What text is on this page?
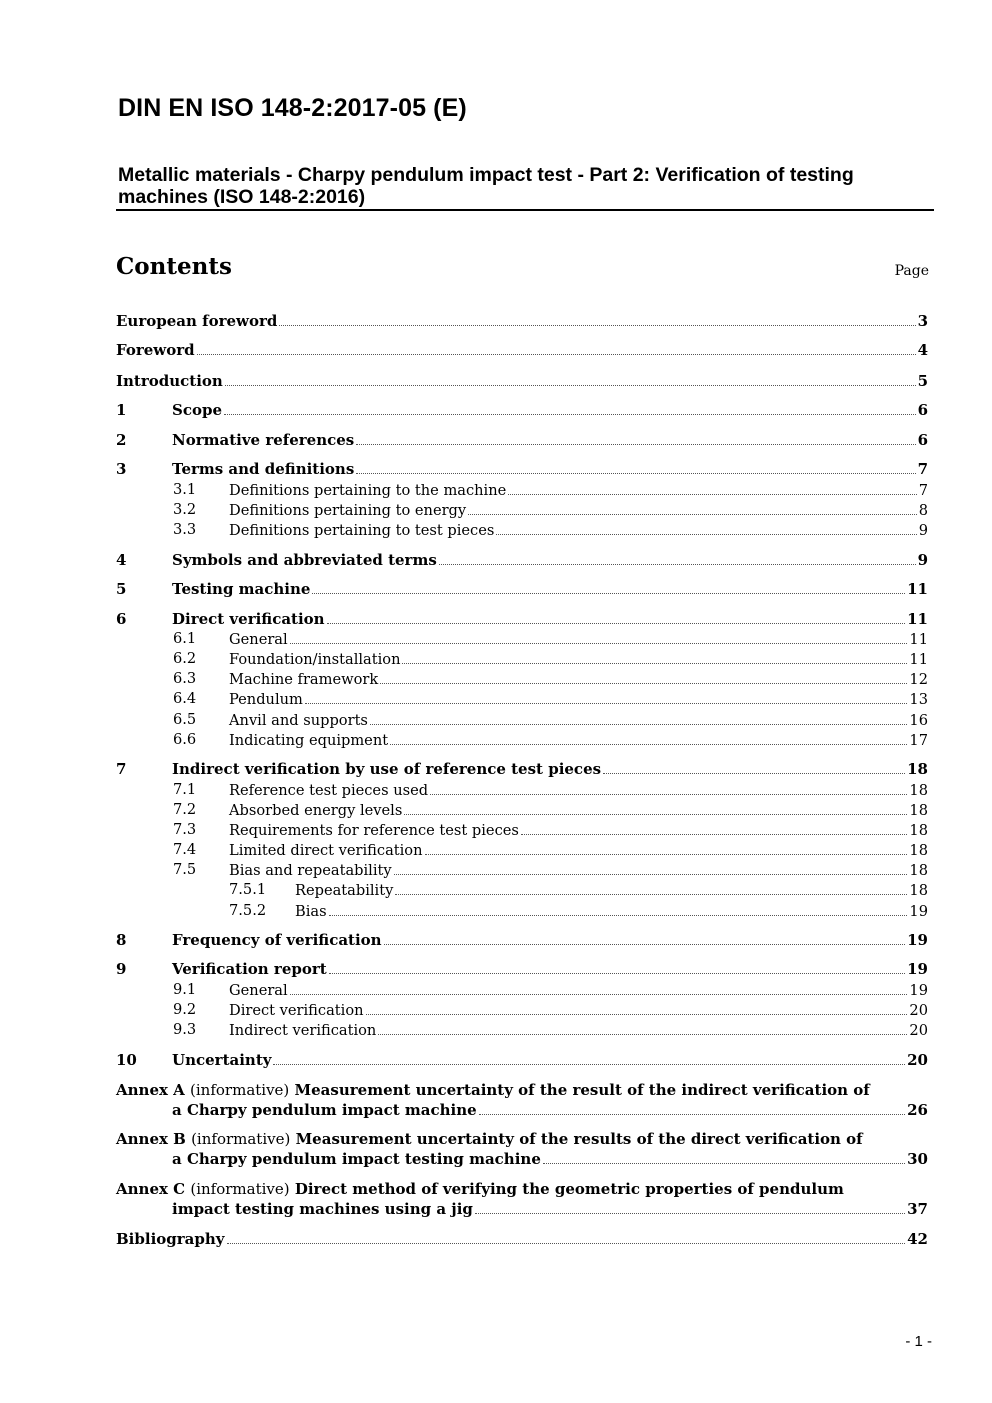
DIN EN ISO 148-2:2017-05 (E)
Metallic materials - Charpy pendulum impact test - Part 2: Verification of testing
machines (ISO 148-2:2016)
Contents	Page
European foreword	3
Foreword	4
Introduction	5
1	Scope	6
2	Normative references	6
3	Terms and definitions	7
3.1 Definitions pertaining to the machine	7
3.2 Definitions pertaining to energy	8
3.3 Definitions pertaining to test pieces	9
4	Symbols and abbreviated terms	9
5	Testing machine	11
6	Direct verification	11
6.1 General	11
6.2 Foundation/installation	11
6.3 Machine framework	12
6.4 Pendulum	13
6.5 Anvil and supports	16
6.6 Indicating equipment	17
7	Indirect verification by use of reference test pieces	18
7.1 Reference test pieces used	18
7.2 Absorbed energy levels	18
7.3 Requirements for reference test pieces	18
7.4 Limited direct verification	18
7.5 Bias and repeatability	18
7.5.1 Repeatability	18
7.5.2 Bias	19
8	Frequency of verification	19
9	Verification report	19
9.1 General	19
9.2 Direct verification	20
9.3 Indirect verification	20
10 Uncertainty	20
Annex A (informative) Measurement uncertainty of the result of the indirect verification of
a Charpy pendulum impact machine	26
Annex B (informative) Measurement uncertainty of the results of the direct verification of
a Charpy pendulum impact testing machine	30
Annex C (informative) Direct method of verifying the geometric properties of pendulum
impact testing machines using a jig	37
Bibliography	42
- 1 -
